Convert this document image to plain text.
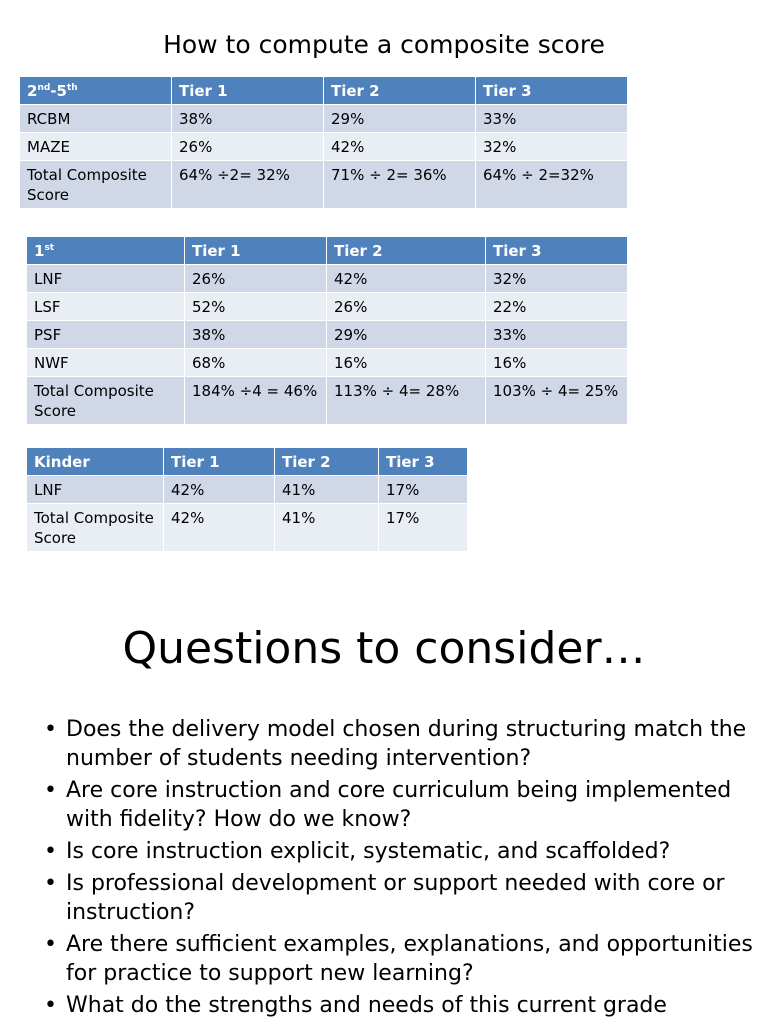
How to compute a composite score
2nd-5th	Tier 1	Tier 2	Tier 3
RCBM	38%	29%	33%
MAZE	26%	42%	32%
Total Composite Score	64% ÷2= 32%	71% ÷ 2= 36%	64% ÷ 2=32%
1st	Tier 1	Tier 2	Tier 3
LNF	26%	42%	32%
LSF	52%	26%	22%
PSF	38%	29%	33%
NWF	68%	16%	16%
Total Composite Score	184% ÷4 = 46%	113% ÷ 4= 28%	103% ÷ 4= 25%
Kinder	Tier 1	Tier 2	Tier 3
LNF	42%	41%	17%
Total Composite Score	42%	41%	17%
Questions to consider…
• Does the delivery model chosen during structuring match the number of students needing intervention?
• Are core instruction and core curriculum being implemented with fidelity? How do we know?
• Is core instruction explicit, systematic, and scaffolded?
• Is professional development or support needed with core or instruction?
• Are there sufficient examples, explanations, and opportunities for practice to support new learning?
• What do the strengths and needs of this current grade
